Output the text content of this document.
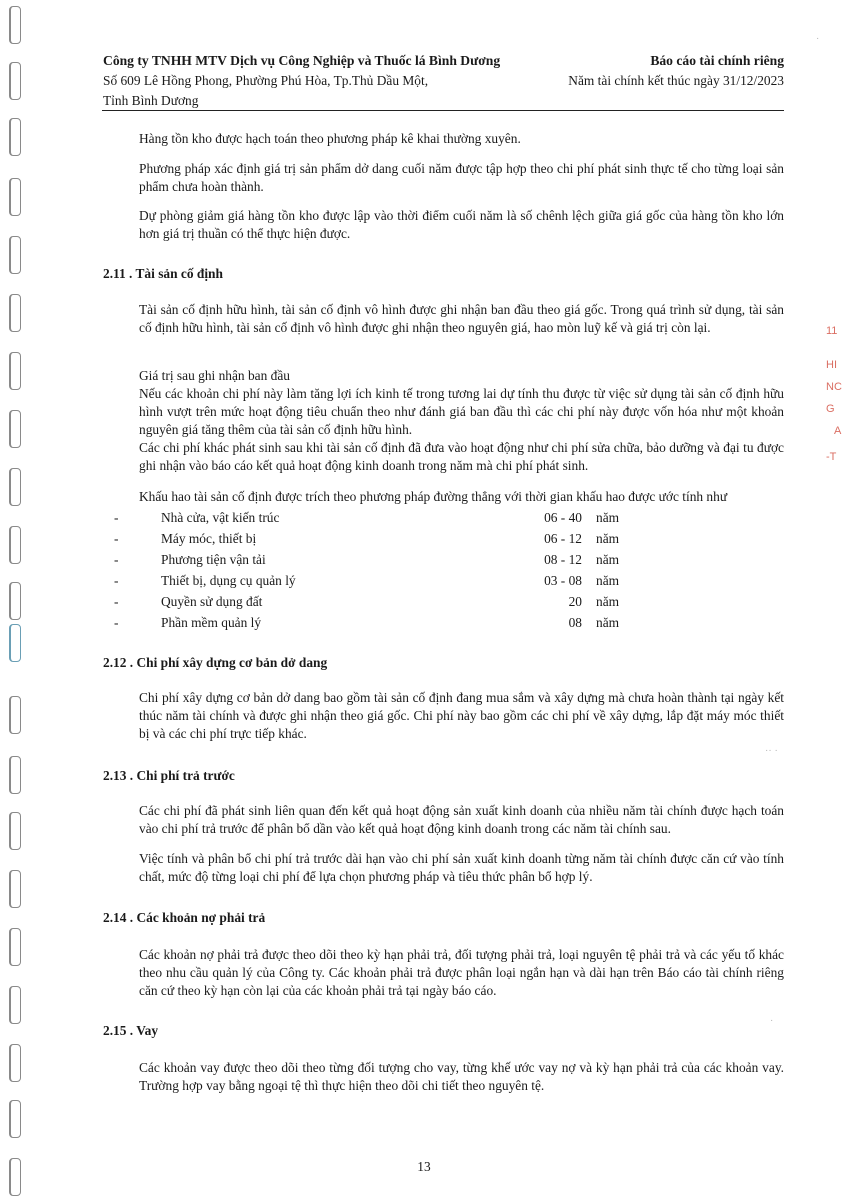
Công ty TNHH MTV Dịch vụ Công Nghiệp và Thuốc lá Bình Dương
Số 609 Lê Hồng Phong, Phường Phú Hòa, Tp.Thủ Dầu Một,
Tỉnh Bình Dương
Báo cáo tài chính riêng
Năm tài chính kết thúc ngày 31/12/2023

Hàng tồn kho được hạch toán theo phương pháp kê khai thường xuyên.

Phương pháp xác định giá trị sản phẩm dở dang cuối năm được tập hợp theo chi phí phát sinh thực tế cho từng loại sản phẩm chưa hoàn thành.

Dự phòng giảm giá hàng tồn kho được lập vào thời điểm cuối năm là số chênh lệch giữa giá gốc của hàng tồn kho lớn hơn giá trị thuần có thể thực hiện được.

2.11 . Tài sản cố định

Tài sản cố định hữu hình, tài sản cố định vô hình được ghi nhận ban đầu theo giá gốc. Trong quá trình sử dụng, tài sản cố định hữu hình, tài sản cố định vô hình được ghi nhận theo nguyên giá, hao mòn luỹ kế và giá trị còn lại.

Giá trị sau ghi nhận ban đầu

Nếu các khoản chi phí này làm tăng lợi ích kinh tế trong tương lai dự tính thu được từ việc sử dụng tài sản cố định hữu hình vượt trên mức hoạt động tiêu chuẩn theo như đánh giá ban đầu thì các chi phí này được vốn hóa như một khoản nguyên giá tăng thêm của tài sản cố định hữu hình.

Các chi phí khác phát sinh sau khi tài sản cố định đã đưa vào hoạt động như chi phí sửa chữa, bảo dưỡng và đại tu được ghi nhận vào báo cáo kết quả hoạt động kinh doanh trong năm mà chi phí phát sinh.

Khấu hao tài sản cố định được trích theo phương pháp đường thẳng với thời gian khấu hao được ước tính như

-	Nhà cửa, vật kiến trúc	06 - 40 năm
-	Máy móc, thiết bị	06 - 12 năm
-	Phương tiện vận tải	08 - 12 năm
-	Thiết bị, dụng cụ quản lý	03 - 08 năm
-	Quyền sử dụng đất	20 năm
-	Phần mềm quản lý	08 năm

2.12 . Chi phí xây dựng cơ bản dở dang

Chi phí xây dựng cơ bản dở dang bao gồm tài sản cố định đang mua sắm và xây dựng mà chưa hoàn thành tại ngày kết thúc năm tài chính và được ghi nhận theo giá gốc. Chi phí này bao gồm các chi phí về xây dựng, lắp đặt máy móc thiết bị và các chi phí trực tiếp khác.

2.13 . Chi phí trả trước

Các chi phí đã phát sinh liên quan đến kết quả hoạt động sản xuất kinh doanh của nhiều năm tài chính được hạch toán vào chi phí trả trước để phân bổ dần vào kết quả hoạt động kinh doanh trong các năm tài chính sau.

Việc tính và phân bổ chi phí trả trước dài hạn vào chi phí sản xuất kinh doanh từng năm tài chính được căn cứ vào tính chất, mức độ từng loại chi phí để lựa chọn phương pháp và tiêu thức phân bổ hợp lý.

2.14 . Các khoản nợ phải trả

Các khoản nợ phải trả được theo dõi theo kỳ hạn phải trả, đối tượng phải trả, loại nguyên tệ phải trả và các yếu tố khác theo nhu cầu quản lý của Công ty. Các khoản phải trả được phân loại ngắn hạn và dài hạn trên Báo cáo tài chính riêng căn cứ theo kỳ hạn còn lại của các khoản phải trả tại ngày báo cáo.

2.15 . Vay

Các khoản vay được theo dõi theo từng đối tượng cho vay, từng khế ước vay nợ và kỳ hạn phải trả của các khoản vay. Trường hợp vay bằng ngoại tệ thì thực hiện theo dõi chi tiết theo nguyên tệ.

13
11
HI
NC
G
A
-T
·
·· ·
·
